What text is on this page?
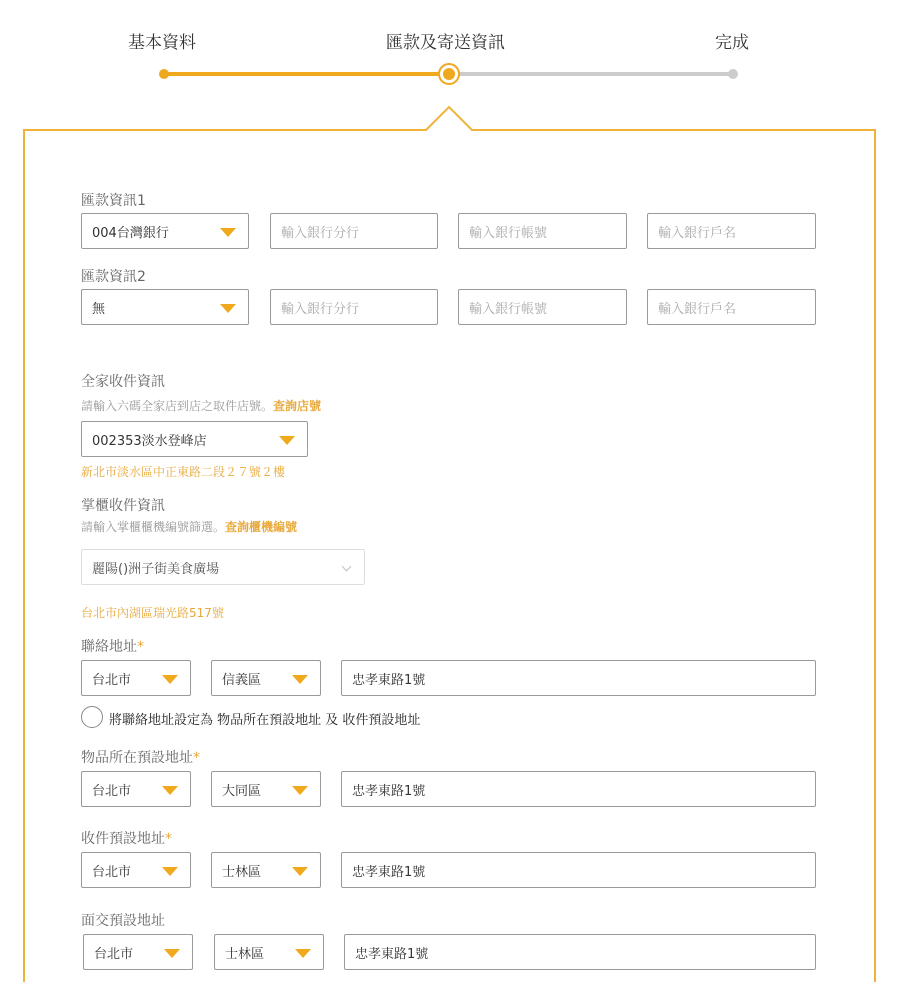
基本資料	匯款及寄送資訊	完成
匯款資訊1
004台灣銀行	輸入銀行分行	輸入銀行帳號	輸入銀行戶名
匯款資訊2
無	輸入銀行分行	輸入銀行帳號	輸入銀行戶名
全家收件資訊
請輸入六碼全家店到店之取件店號。查詢店號
002353淡水登峰店
新北市淡水區中正東路二段２７號２樓
掌櫃收件資訊
請輸入掌櫃櫃機編號篩選。查詢櫃機編號
麗陽()洲子街美食廣場
台北市內湖區瑞光路517號
聯絡地址*
台北市	信義區	忠孝東路1號
將聯絡地址設定為 物品所在預設地址 及 收件預設地址
物品所在預設地址*
台北市	大同區	忠孝東路1號
收件預設地址*
台北市	士林區	忠孝東路1號
面交預設地址
台北市	士林區	忠孝東路1號
